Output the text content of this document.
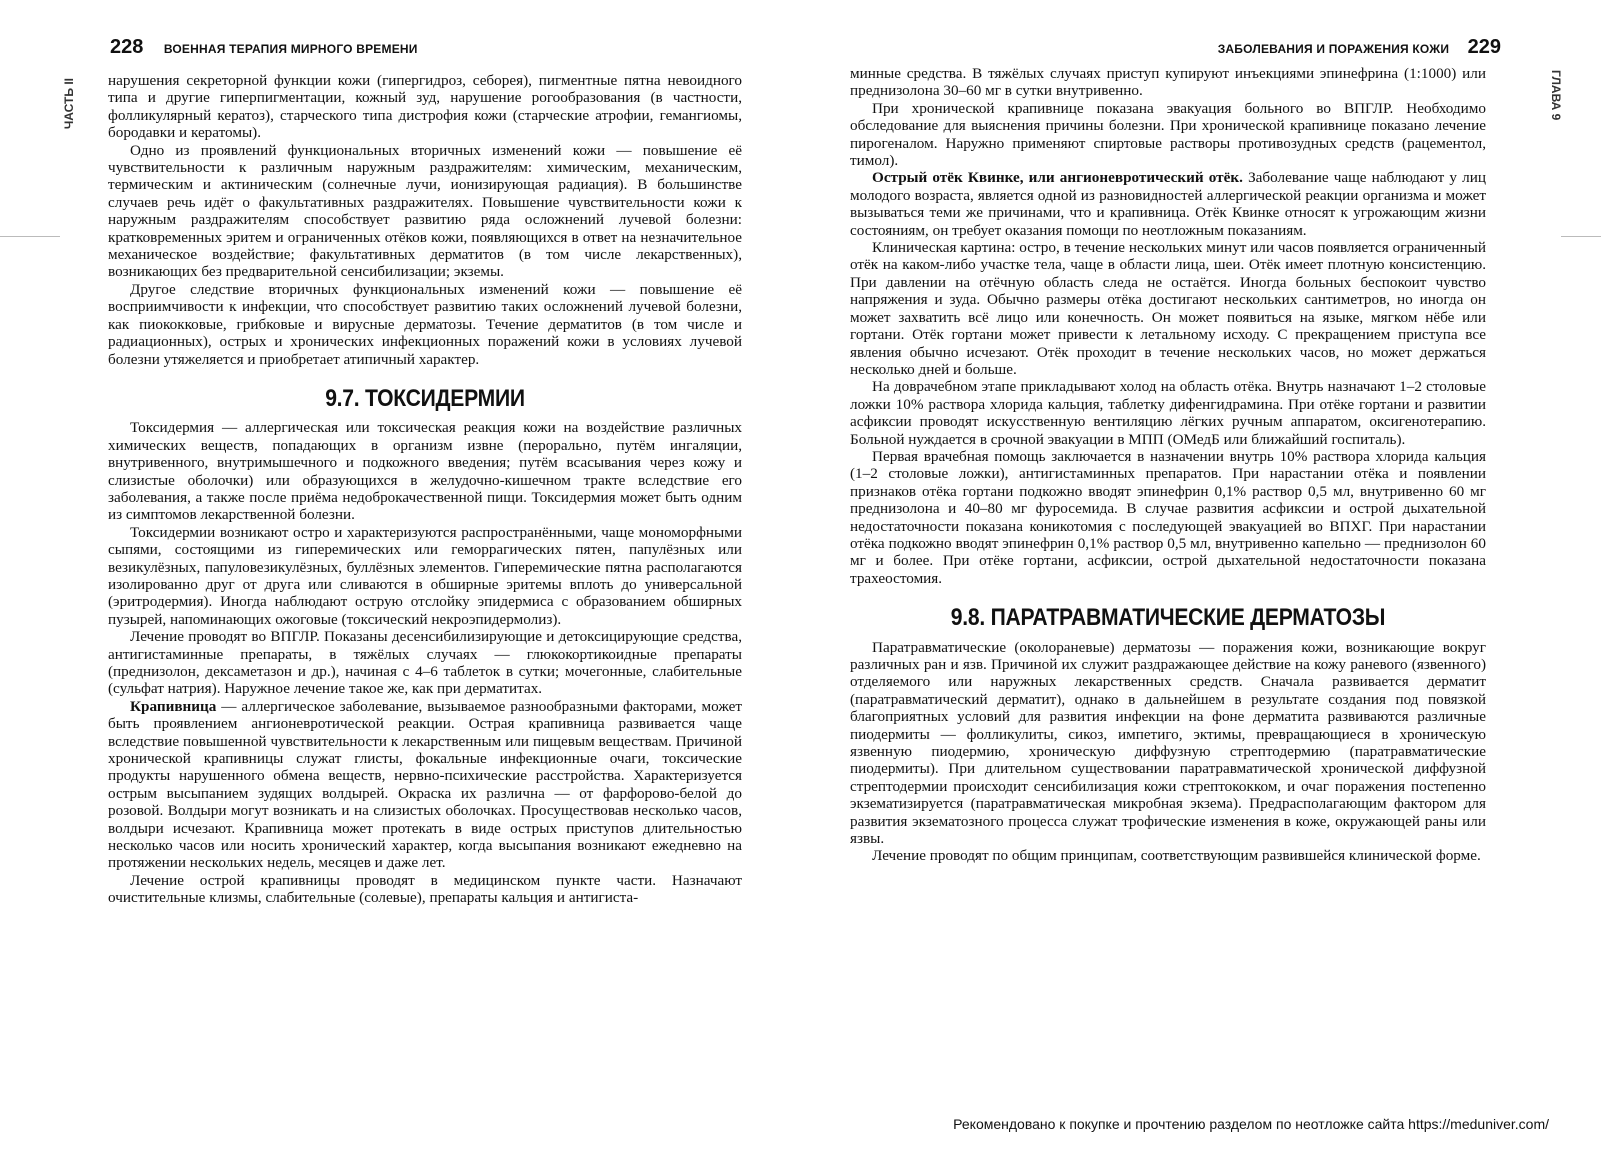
228 ВОЕННАЯ ТЕРАПИЯ МИРНОГО ВРЕМЕНИ
ЧАСТЬ II нарушения секреторной функции кожи (гипергидроз, себорея), пигментные пятна невоидного типа и другие гиперпигментации, кожный зуд, нарушение рогообразования (в частности, фолликулярный кератоз), старческого типа дистрофия кожи (старческие атрофии, гемангиомы, бородавки и кератомы).

Одно из проявлений функциональных вторичных изменений кожи — повышение её чувствительности к различным наружным раздражителям: химическим, механическим, термическим и актиническим (солнечные лучи, ионизирующая радиация). В большинстве случаев речь идёт о факультативных раздражителях. Повышение чувствительности кожи к наружным раздражителям способствует развитию ряда осложнений лучевой болезни: кратковременных эритем и ограниченных отёков кожи, появляющихся в ответ на незначительное механическое воздействие; факультативных дерматитов (в том числе лекарственных), возникающих без предварительной сенсибилизации; экземы.

Другое следствие вторичных функциональных изменений кожи — повышение её восприимчивости к инфекции, что способствует развитию таких осложнений лучевой болезни, как пиококковые, грибковые и вирусные дерматозы. Течение дерматитов (в том числе и радиационных), острых и хронических инфекционных поражений кожи в условиях лучевой болезни утяжеляется и приобретает атипичный характер.

9.7. ТОКСИДЕРМИИ

Токсидермия — аллергическая или токсическая реакция кожи на воздействие различных химических веществ, попадающих в организм извне (перорально, путём ингаляции, внутривенного, внутримышечного и подкожного введения; путём всасывания через кожу и слизистые оболочки) или образующихся в желудочно-кишечном тракте вследствие его заболевания, а также после приёма недоброкачественной пищи. Токсидермия может быть одним из симптомов лекарственной болезни.

Токсидермии возникают остро и характеризуются распространёнными, чаще мономорфными сыпями, состоящими из гиперемических или геморрагических пятен, папулёзных или везикулёзных, папуловезикулёзных, буллёзных элементов. Гиперемические пятна располагаются изолированно друг от друга или сливаются в обширные эритемы вплоть до универсальной (эритродермия). Иногда наблюдают острую отслойку эпидермиса с образованием обширных пузырей, напоминающих ожоговые (токсический некроэпидермолиз).

Лечение проводят во ВПГЛР. Показаны десенсибилизирующие и детоксицирующие средства, антигистаминные препараты, в тяжёлых случаях — глюкокортикоидные препараты (преднизолон, дексаметазон и др.), начиная с 4–6 таблеток в сутки; мочегонные, слабительные (сульфат натрия). Наружное лечение такое же, как при дерматитах.

Крапивница — аллергическое заболевание, вызываемое разнообразными факторами, может быть проявлением ангионевротической реакции. Острая крапивница развивается чаще вследствие повышенной чувствительности к лекарственным или пищевым веществам. Причиной хронической крапивницы служат глисты, фокальные инфекционные очаги, токсические продукты нарушенного обмена веществ, нервно-психические расстройства. Характеризуется острым высыпанием зудящих волдырей. Окраска их различна — от фарфорово-белой до розовой. Волдыри могут возникать и на слизистых оболочках. Просуществовав несколько часов, волдыри исчезают. Крапивница может протекать в виде острых приступов длительностью несколько часов или носить хронический характер, когда высыпания возникают ежедневно на протяжении нескольких недель, месяцев и даже лет.

Лечение острой крапивницы проводят в медицинском пункте части. Назначают очистительные клизмы, слабительные (солевые), препараты кальция и антигиста-

ЗАБОЛЕВАНИЯ И ПОРАЖЕНИЯ КОЖИ 229
ГЛАВА 9

минные средства. В тяжёлых случаях приступ купируют инъекциями эпинефрина (1:1000) или преднизолона 30–60 мг в сутки внутривенно.

При хронической крапивнице показана эвакуация больного во ВПГЛР. Необходимо обследование для выяснения причины болезни. При хронической крапивнице показано лечение пирогеналом. Наружно применяют спиртовые растворы противозудных средств (рацементол, тимол).

Острый отёк Квинке, или ангионевротический отёк. Заболевание чаще наблюдают у лиц молодого возраста, является одной из разновидностей аллергической реакции организма и может вызываться теми же причинами, что и крапивница. Отёк Квинке относят к угрожающим жизни состояниям, он требует оказания помощи по неотложным показаниям.

Клиническая картина: остро, в течение нескольких минут или часов появляется ограниченный отёк на каком-либо участке тела, чаще в области лица, шеи. Отёк имеет плотную консистенцию. При давлении на отёчную область следа не остаётся. Иногда больных беспокоит чувство напряжения и зуда. Обычно размеры отёка достигают нескольких сантиметров, но иногда он может захватить всё лицо или конечность. Он может появиться на языке, мягком нёбе или гортани. Отёк гортани может привести к летальному исходу. С прекращением приступа все явления обычно исчезают. Отёк проходит в течение нескольких часов, но может держаться несколько дней и больше.

На доврачебном этапе прикладывают холод на область отёка. Внутрь назначают 1–2 столовые ложки 10% раствора хлорида кальция, таблетку дифенгидрамина. При отёке гортани и развитии асфиксии проводят искусственную вентиляцию лёгких ручным аппаратом, оксигенотерапию. Больной нуждается в срочной эвакуации в МПП (ОМедБ или ближайший госпиталь).

Первая врачебная помощь заключается в назначении внутрь 10% раствора хлорида кальция (1–2 столовые ложки), антигистаминных препаратов. При нарастании отёка и появлении признаков отёка гортани подкожно вводят эпинефрин 0,1% раствор 0,5 мл, внутривенно 60 мг преднизолона и 40–80 мг фуросемида. В случае развития асфиксии и острой дыхательной недостаточности показана коникотомия с последующей эвакуацией во ВПХГ. При нарастании отёка подкожно вводят эпинефрин 0,1% раствор 0,5 мл, внутривенно капельно — преднизолон 60 мг и более. При отёке гортани, асфиксии, острой дыхательной недостаточности показана трахеостомия.

9.8. ПАРАТРАВМАТИЧЕСКИЕ ДЕРМАТОЗЫ

Паратравматические (околораневые) дерматозы — поражения кожи, возникающие вокруг различных ран и язв. Причиной их служит раздражающее действие на кожу раневого (язвенного) отделяемого или наружных лекарственных средств. Сначала развивается дерматит (паратравматический дерматит), однако в дальнейшем в результате создания под повязкой благоприятных условий для развития инфекции на фоне дерматита развиваются различные пиодермиты — фолликулиты, сикоз, импетиго, эктимы, превращающиеся в хроническую язвенную пиодермию, хроническую диффузную стрептодермию (паратравматические пиодермиты). При длительном существовании паратравматической хронической диффузной стрептодермии происходит сенсибилизация кожи стрептококком, и очаг поражения постепенно экзематизируется (паратравматическая микробная экзема). Предрасполагающим фактором для развития экзематозного процесса служат трофические изменения в коже, окружающей раны или язвы.

Лечение проводят по общим принципам, соответствующим развившейся клинической форме.

Рекомендовано к покупке и прочтению разделом по неотложке сайта https://meduniver.com/
